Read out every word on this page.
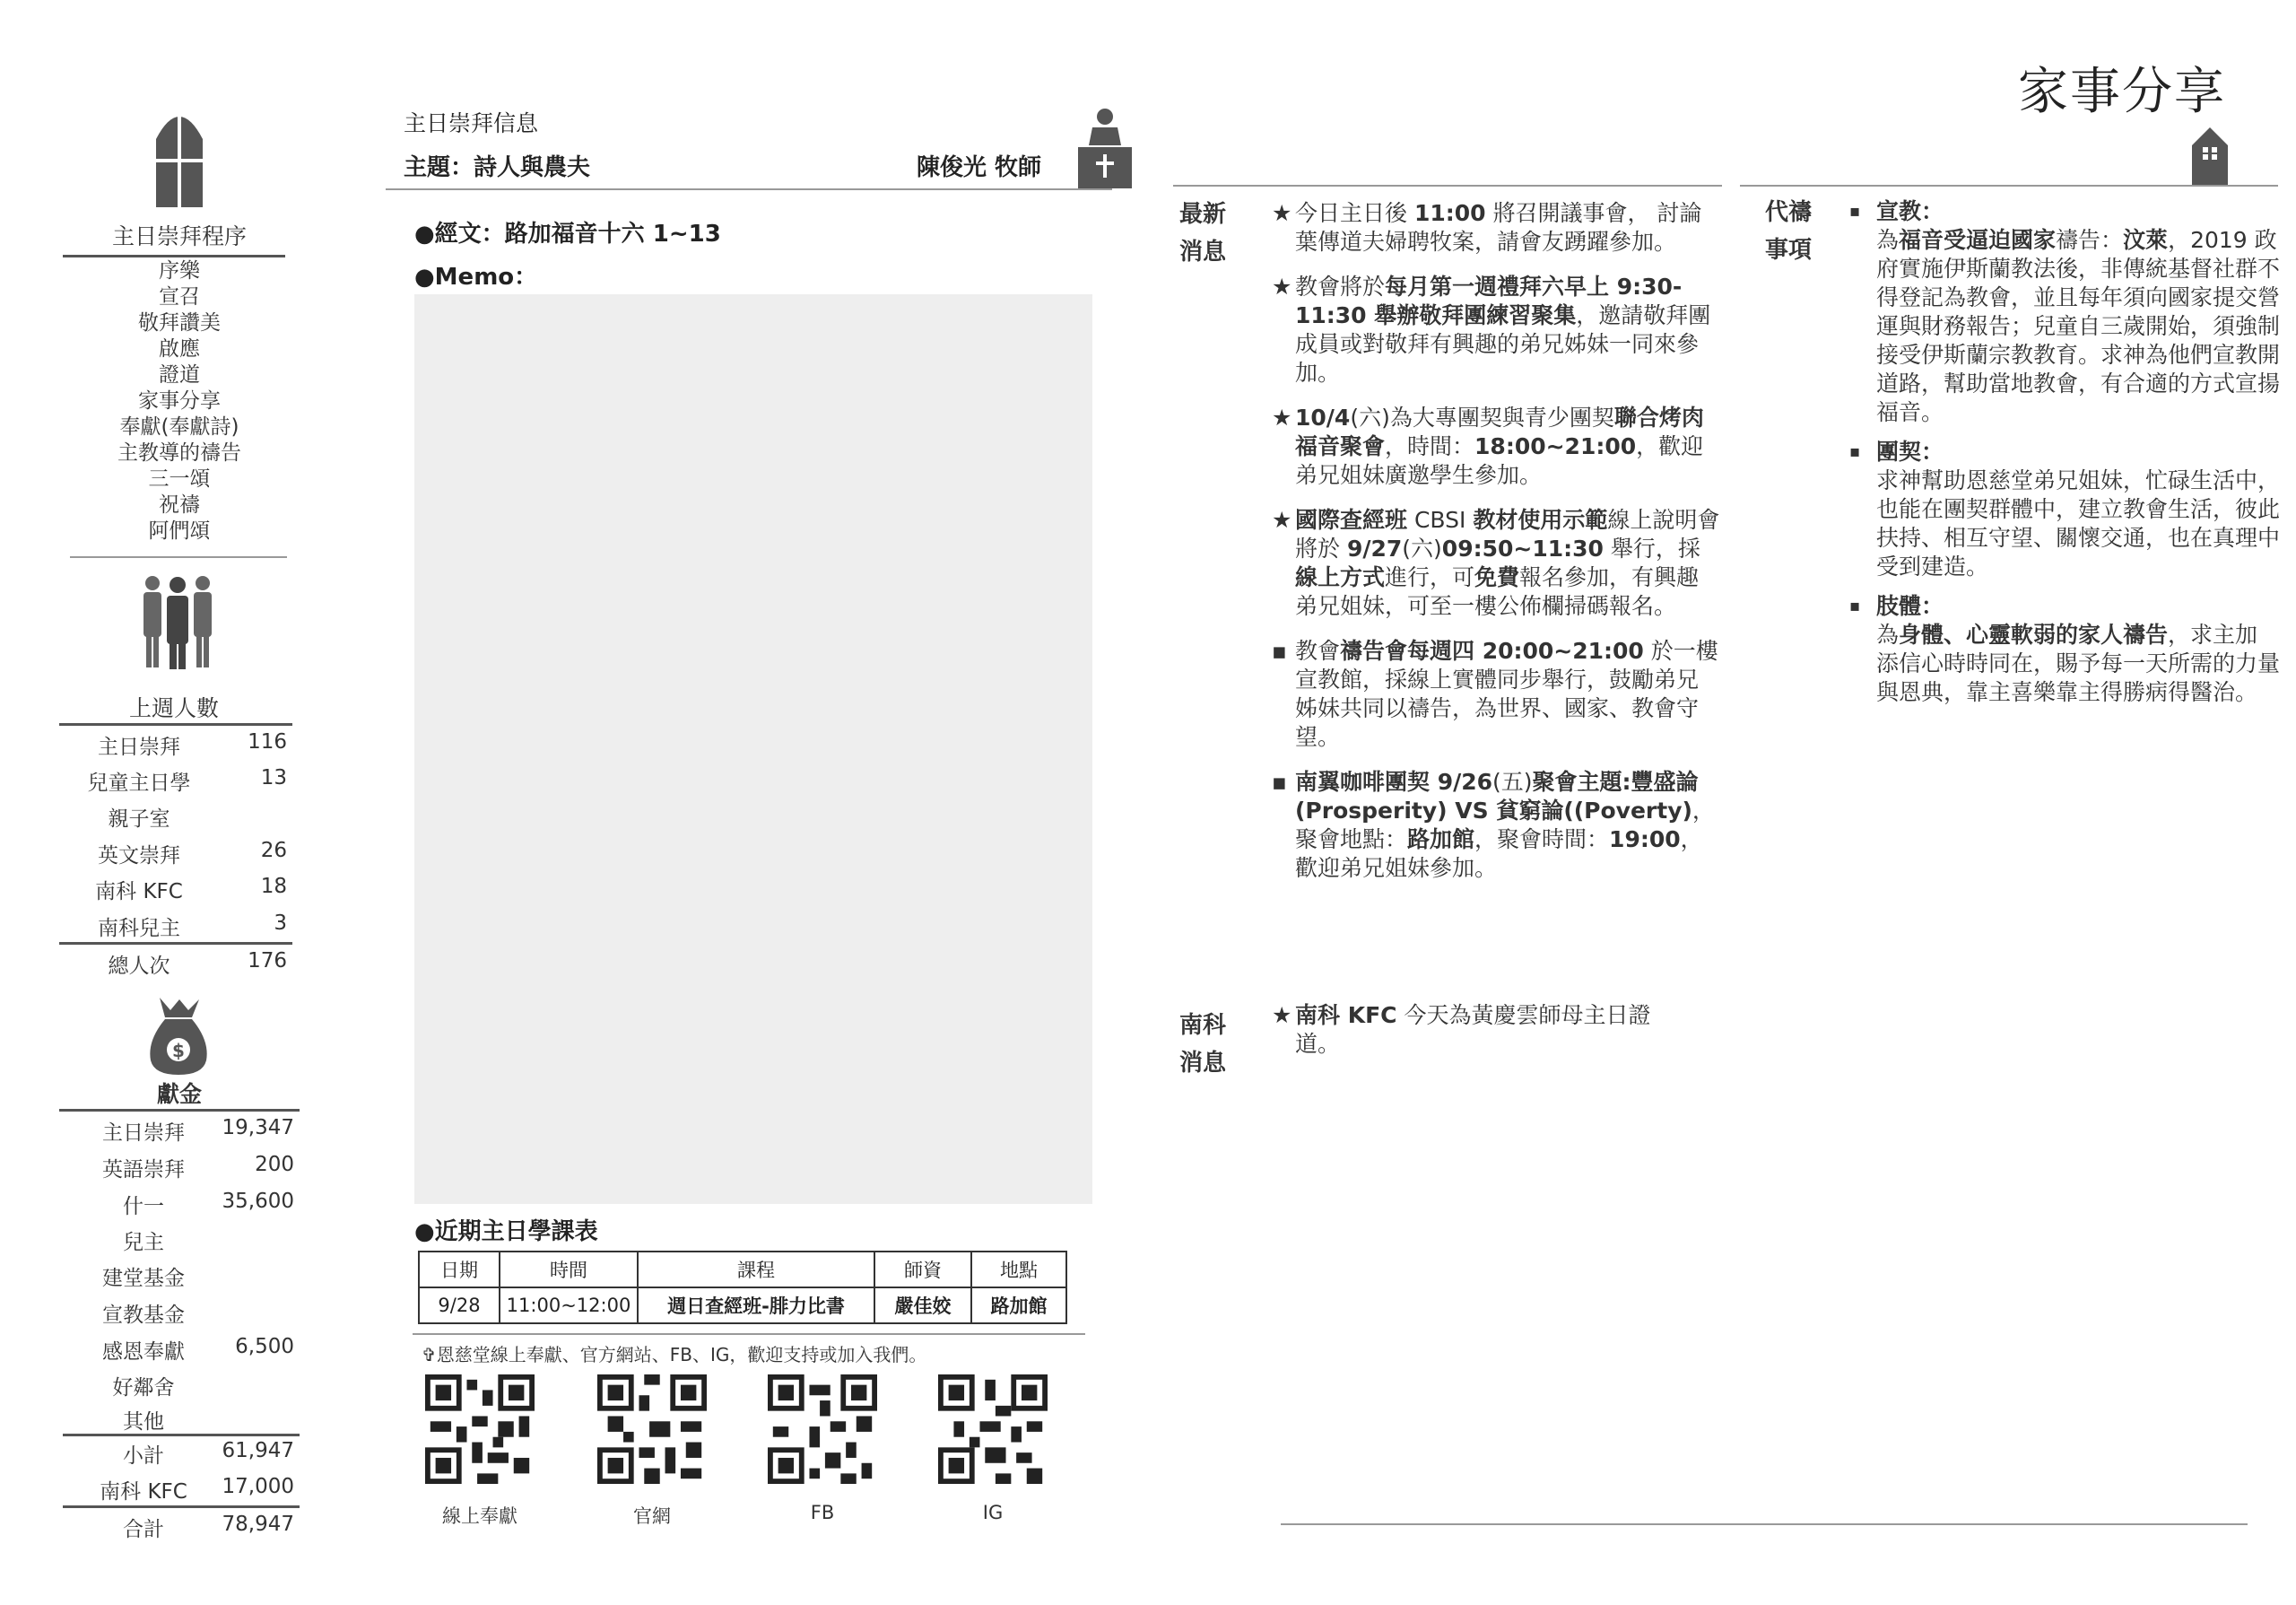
家事分享
主日崇拜程序
序樂
宣召
敬拜讚美
啟應
證道
家事分享
奉獻(奉獻詩)
主教導的禱告
三一頌
祝禱
阿們頌
上週人數
主日崇拜	116
兒童主日學	13
親子室
英文崇拜	26
南科 KFC	18
南科兒主	3
總人次	176
$
獻金
主日崇拜	19,347
英語崇拜	200
什一	35,600
兒主
建堂基金
宣教基金
感恩奉獻	6,500
好鄰舍
其他
小計	61,947
南科 KFC	17,000
合計	78,947
主日崇拜信息
主題：詩人與農夫	陳俊光 牧師
●經文：路加福音十六 1~13
●Memo：
●近期主日學課表
日期	時間	課程	師資	地點
9/28	11:00~12:00	週日查經班-腓力比書	嚴佳姣	路加館
✞恩慈堂線上奉獻、官方網站、FB、IG，歡迎支持或加入我們。
線上奉獻	官網	FB	IG
最新
消息
★ 今日主日後 11:00 將召開議事會， 討論葉傳道夫婦聘牧案，請會友踴躍參加。
★ 教會將於每月第一週禮拜六早上 9:30-11:30 舉辦敬拜團練習聚集，邀請敬拜團成員或對敬拜有興趣的弟兄姊妹一同來參加。
★ 10/4(六)為大專團契與青少團契聯合烤肉福音聚會，時間：18:00~21:00，歡迎弟兄姐妹廣邀學生參加。
★ 國際查經班 CBSI 教材使用示範線上說明會將於 9/27(六)09:50~11:30 舉行，採線上方式進行，可免費報名參加，有興趣弟兄姐妹，可至一樓公佈欄掃碼報名。
▪ 教會禱告會每週四 20:00~21:00 於一樓宣教館，採線上實體同步舉行，鼓勵弟兄姊妹共同以禱告，為世界、國家、教會守望。
▪ 南翼咖啡團契 9/26(五)聚會主題:豐盛論(Prosperity) VS 貧窮論((Poverty)，聚會地點：路加館，聚會時間：19:00，歡迎弟兄姐妹參加。
南科
消息
★ 南科 KFC 今天為黃慶雲師母主日證道。
代禱
事項
▪ 宣教：
為福音受逼迫國家禱告：汶萊，2019 政府實施伊斯蘭教法後，非傳統基督社群不得登記為教會，並且每年須向國家提交營運與財務報告；兒童自三歲開始，須強制接受伊斯蘭宗教教育。求神為他們宣教開道路，幫助當地教會，有合適的方式宣揚福音。
▪ 團契：
求神幫助恩慈堂弟兄姐妹，忙碌生活中，也能在團契群體中，建立教會生活，彼此扶持、相互守望、關懷交通，也在真理中受到建造。
▪ 肢體：
為身體、心靈軟弱的家人禱告，求主加添信心時時同在，賜予每一天所需的力量與恩典，靠主喜樂靠主得勝病得醫治。
